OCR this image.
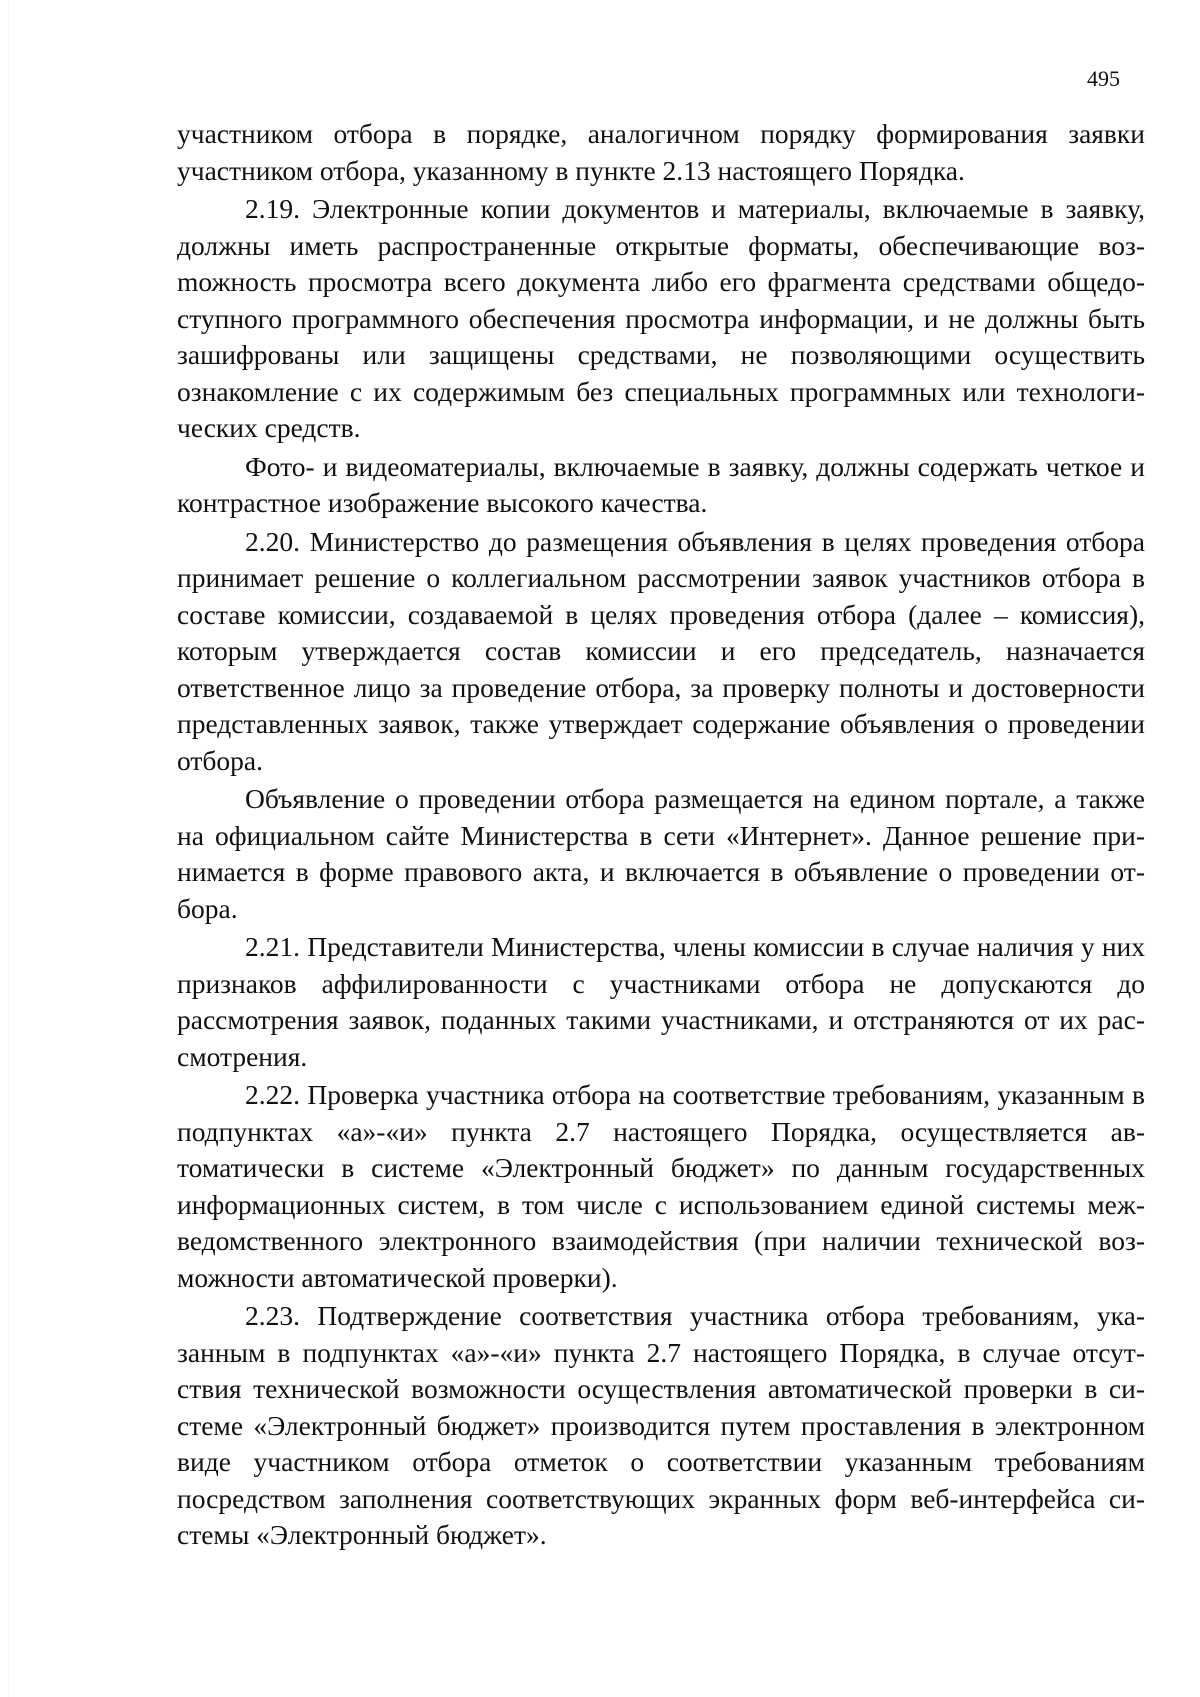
495

участником отбора в порядке, аналогичном порядку формирования заявки участником отбора, указанному в пункте 2.13 настоящего Порядка.

2.19. Электронные копии документов и материалы, включаемые в заявку, должны иметь распространенные открытые форматы, обеспечивающие возmожность просмотра всего документа либо его фрагмента средствами общедоступного программного обеспечения просмотра информации, и не должны быть зашифрованы или защищены средствами, не позволяющими осуществить ознакомление с их содержимым без специальных программных или технологических средств.

Фото- и видеоматериалы, включаемые в заявку, должны содержать четкое и контрастное изображение высокого качества.

2.20. Министерство до размещения объявления в целях проведения отбора принимает решение о коллегиальном рассмотрении заявок участников отбора в составе комиссии, создаваемой в целях проведения отбора (далее – комиссия), которым утверждается состав комиссии и его председатель, назначается ответственное лицо за проведение отбора, за проверку полноты и достоверности представленных заявок, также утверждает содержание объявления о проведении отбора.

Объявление о проведении отбора размещается на едином портале, а также на официальном сайте Министерства в сети «Интернет». Данное решение принимается в форме правового акта, и включается в объявление о проведении отбора.

2.21. Представители Министерства, члены комиссии в случае наличия у них признаков аффилированности с участниками отбора не допускаются до рассмотрения заявок, поданных такими участниками, и отстраняются от их рассмотрения.

2.22. Проверка участника отбора на соответствие требованиям, указанным в подпунктах «а»-«и» пункта 2.7 настоящего Порядка, осуществляется автоматически в системе «Электронный бюджет» по данным государственных информационных систем, в том числе с использованием единой системы межведомственного электронного взаимодействия (при наличии технической возможности автоматической проверки).

2.23. Подтверждение соответствия участника отбора требованиям, указанным в подпунктах «а»-«и» пункта 2.7 настоящего Порядка, в случае отсутствия технической возможности осуществления автоматической проверки в системе «Электронный бюджет» производится путем проставления в электронном виде участником отбора отметок о соответствии указанным требованиям посредством заполнения соответствующих экранных форм веб-интерфейса системы «Электронный бюджет».
